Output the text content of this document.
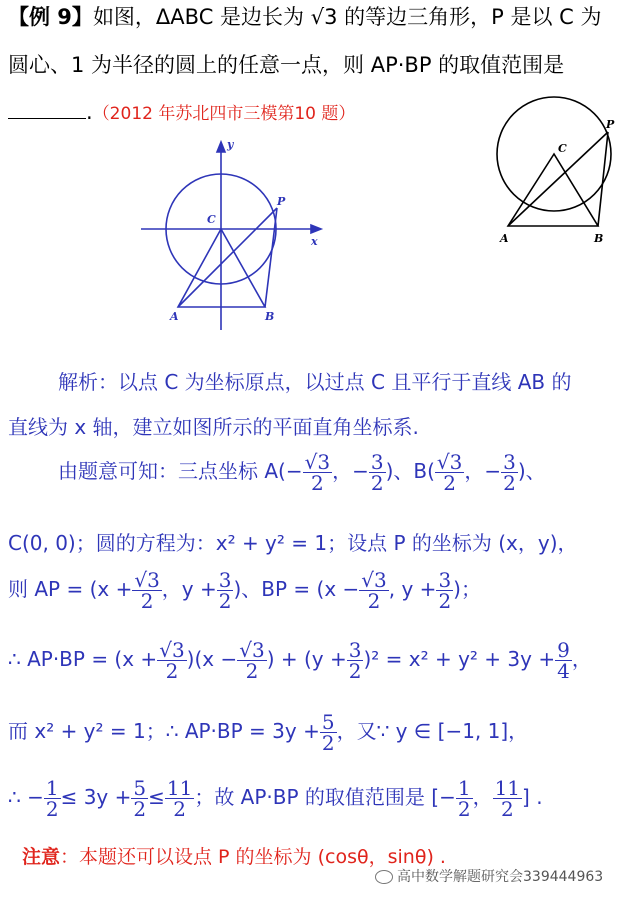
【例 9】如图，ΔABC 是边长为 √3 的等边三角形，P 是以 C 为
圆心、1 为半径的圆上的任意一点，则 AP·BP 的取值范围是
.（2012 年苏北四市三模第10 题）
y
x
C
P
A	B
C
P
A	B
解析：以点 C 为坐标原点，以过点 C 且平行于直线 AB 的
直线为 x 轴，建立如图所示的平面直角坐标系.
由题意可知：三点坐标 $A(- \frac{√3}{2}$ ，− $\frac{3}{2}$ )、$B( \frac{√3}{2}$ ，− $\frac{3}{2}$ )、
C(0, 0)；圆的方程为：x² + y² = 1；设点 P 的坐标为 (x，y)，
则 AP = ($x + \frac{√3}{2}$ ，$y + \frac{3}{2}$ )、BP = ($x - \frac{√3}{2}$ , $y + \frac{3}{2}$ )；
∴ $AP\cdot BP = (x + \frac{√3}{2} )(x - \frac{√3}{2}$ ) + $(y + \frac{3}{2} )^2 = x^2 + y^2 + 3y + \frac{9}{4}$ ，
而 x² + y² = 1；∴ $AP\cdot BP = 3y + \frac{5}{2}$ ，又∵ y ∈ [−1, 1]，
∴ − $\frac{1}{2} \le 3y + \frac{5}{2} \le \frac{11}{2}$ ；故 AP·BP 的取值范围是 [− $\frac{1}{2}$ ， $\frac{11}{2}$ ] .
注意：本题还可以设点 P 的坐标为 (cosθ，sinθ) .
高中数学解题研究会339444963
